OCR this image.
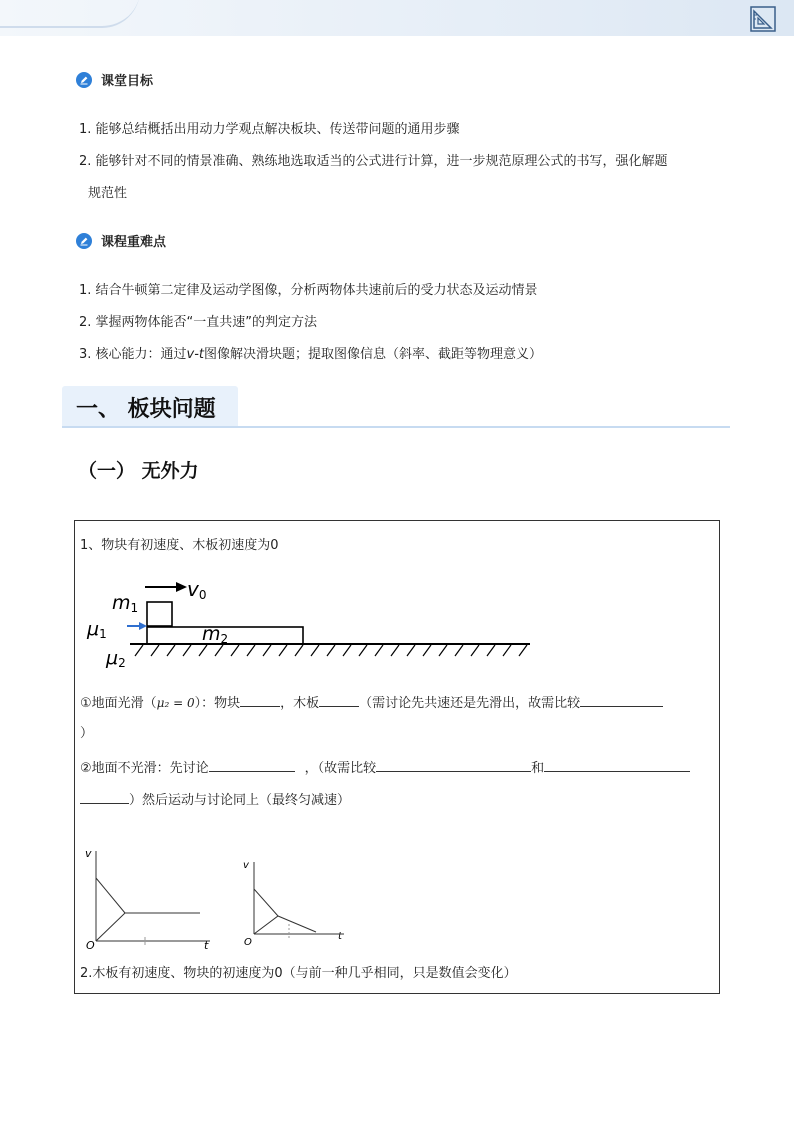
课堂目标
1. 能够总结概括出用动力学观点解决板块、传送带问题的通用步骤
2. 能够针对不同的情景准确、熟练地选取适当的公式进行计算，进一步规范原理公式的书写，强化解题
规范性
课程重难点
1. 结合牛顿第二定律及运动学图像，分析两物体共速前后的受力状态及运动情景
2. 掌握两物体能否“一直共速”的判定方法
3. 核心能力：通过v-t图像解决滑块题；提取图像信息（斜率、截距等物理意义）
一、 板块问题
（一） 无外力
1、物块有初速度、木板初速度为0
v0
m1
m2
μ1
μ2
①地面光滑（μ₂ = 0）：物块	，木板	（需讨论先共速还是先滑出，故需比较
）
②地面不光滑：先讨论	，（故需比较	和
）然后运动与讨论同上（最终匀减速）
v
O	t
v
O
t
2.木板有初速度、物块的初速度为0（与前一种几乎相同，只是数值会变化）
